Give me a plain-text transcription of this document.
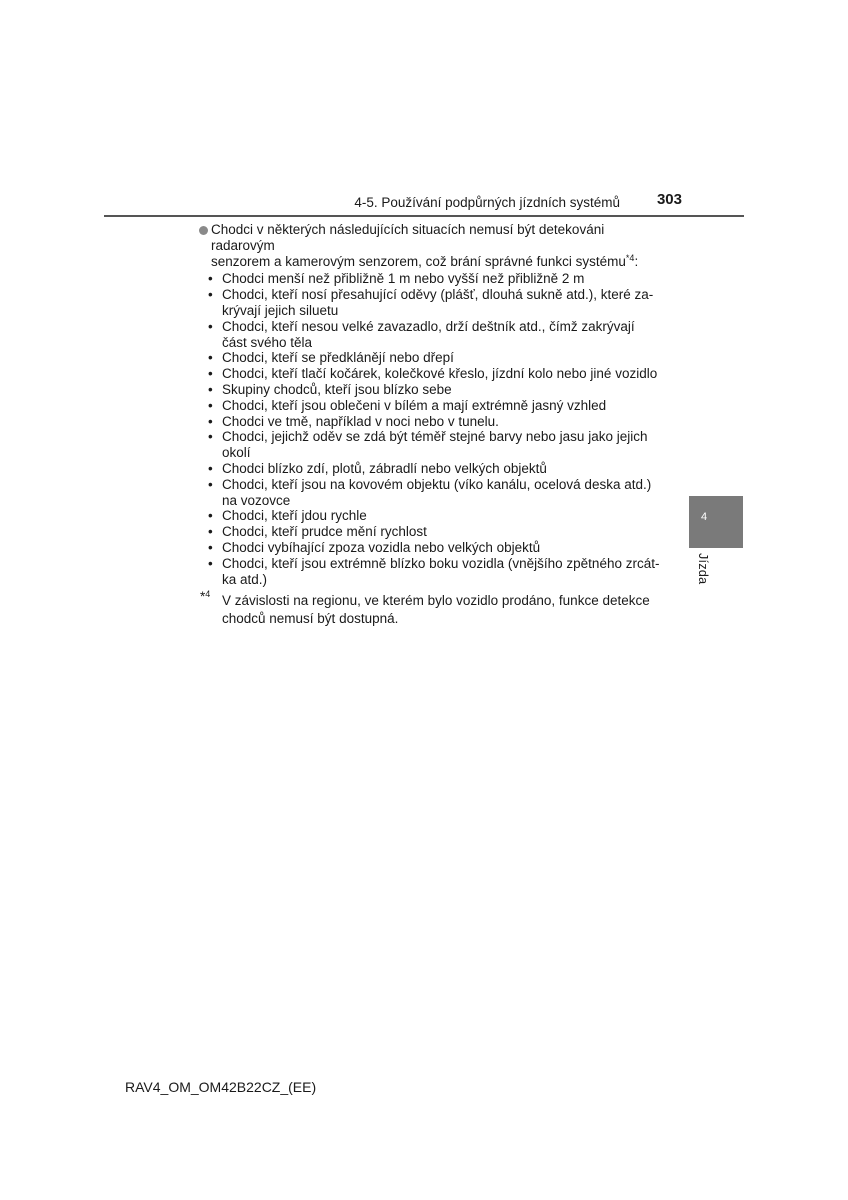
4-5. Používání podpůrných jízdních systémů 303
Chodci v některých následujících situacích nemusí být detekováni radarovým
senzorem a kamerovým senzorem, což brání správné funkci systému$^{*4}$:
• Chodci menší než přibližně 1 m nebo vyšší než přibližně 2 m
• Chodci, kteří nosí přesahující oděvy (plášť, dlouhá sukně atd.), které za-krývají jejich siluetu
• Chodci, kteří nesou velké zavazadlo, drží deštník atd., čímž zakrývají část svého těla
• Chodci, kteří se předklánějí nebo dřepí
• Chodci, kteří tlačí kočárek, kolečkové křeslo, jízdní kolo nebo jiné vozidlo
• Skupiny chodců, kteří jsou blízko sebe
• Chodci, kteří jsou oblečeni v bílém a mají extrémně jasný vzhled
• Chodci ve tmě, například v noci nebo v tunelu.
• Chodci, jejichž oděv se zdá být téměř stejné barvy nebo jasu jako jejich okolí
• Chodci blízko zdí, plotů, zábradlí nebo velkých objektů
• Chodci, kteří jsou na kovovém objektu (víko kanálu, ocelová deska atd.) na vozovce
• Chodci, kteří jdou rychle
• Chodci, kteří prudce mění rychlost
• Chodci vybíhající zpoza vozidla nebo velkých objektů
• Chodci, kteří jsou extrémně blízko boku vozidla (vnějšího zpětného zrcát-ka atd.)
*$^4$ V závislosti na regionu, ve kterém bylo vozidlo prodáno, funkce detekce chodců nemusí být dostupná.
4
Jízda
RAV4_OM_OM42B22CZ_(EE)
